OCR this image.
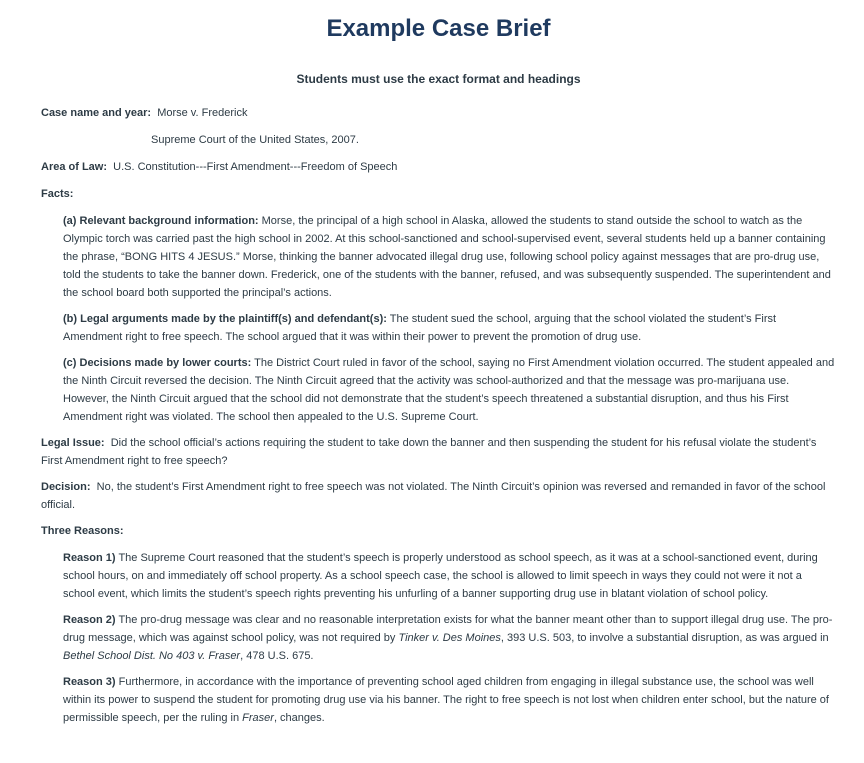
Example Case Brief

Students must use the exact format and headings

Case name and year: Morse v. Frederick

Supreme Court of the United States, 2007.

Area of Law: U.S. Constitution---First Amendment---Freedom of Speech

Facts:

(a) Relevant background information: Morse, the principal of a high school in Alaska, allowed the students to stand outside the school to watch as the Olympic torch was carried past the high school in 2002. At this school-sanctioned and school-supervised event, several students held up a banner containing the phrase, “BONG HITS 4 JESUS.” Morse, thinking the banner advocated illegal drug use, following school policy against messages that are pro-drug use, told the students to take the banner down. Frederick, one of the students with the banner, refused, and was subsequently suspended. The superintendent and the school board both supported the principal’s actions.

(b) Legal arguments made by the plaintiff(s) and defendant(s): The student sued the school, arguing that the school violated the student’s First Amendment right to free speech. The school argued that it was within their power to prevent the promotion of drug use.

(c) Decisions made by lower courts: The District Court ruled in favor of the school, saying no First Amendment violation occurred. The student appealed and the Ninth Circuit reversed the decision. The Ninth Circuit agreed that the activity was school-authorized and that the message was pro-marijuana use. However, the Ninth Circuit argued that the school did not demonstrate that the student’s speech threatened a substantial disruption, and thus his First Amendment right was violated. The school then appealed to the U.S. Supreme Court.

Legal Issue: Did the school official’s actions requiring the student to take down the banner and then suspending the student for his refusal violate the student’s First Amendment right to free speech?

Decision: No, the student’s First Amendment right to free speech was not violated. The Ninth Circuit’s opinion was reversed and remanded in favor of the school official.

Three Reasons:

Reason 1) The Supreme Court reasoned that the student’s speech is properly understood as school speech, as it was at a school-sanctioned event, during school hours, on and immediately off school property. As a school speech case, the school is allowed to limit speech in ways they could not were it not a school event, which limits the student’s speech rights preventing his unfurling of a banner supporting drug use in blatant violation of school policy.

Reason 2) The pro-drug message was clear and no reasonable interpretation exists for what the banner meant other than to support illegal drug use. The pro-drug message, which was against school policy, was not required by Tinker v. Des Moines, 393 U.S. 503, to involve a substantial disruption, as was argued in Bethel School Dist. No 403 v. Fraser, 478 U.S. 675.

Reason 3) Furthermore, in accordance with the importance of preventing school aged children from engaging in illegal substance use, the school was well within its power to suspend the student for promoting drug use via his banner. The right to free speech is not lost when children enter school, but the nature of permissible speech, per the ruling in Fraser, changes.
